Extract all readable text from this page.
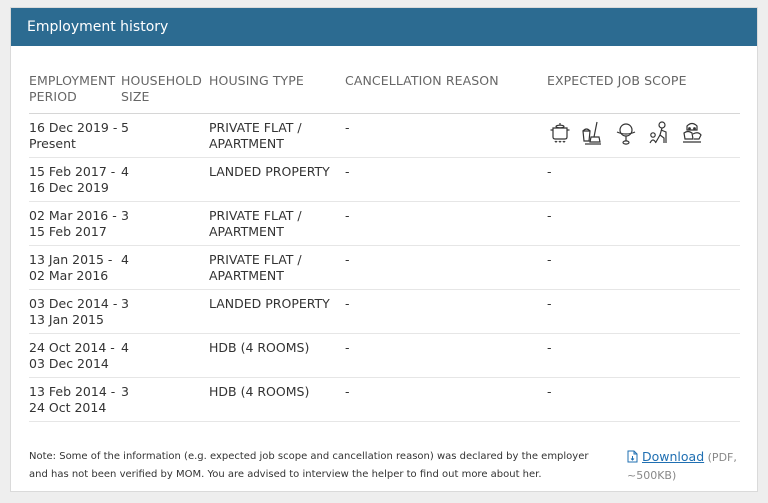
Employment history
EMPLOYMENT PERIOD	HOUSEHOLD SIZE	HOUSING TYPE	CANCELLATION REASON	EXPECTED JOB SCOPE
16 Dec 2019 - Present	5	PRIVATE FLAT / APARTMENT	-	

15 Feb 2017 - 16 Dec 2019	4	LANDED PROPERTY	-	-
02 Mar 2016 - 15 Feb 2017	3	PRIVATE FLAT / APARTMENT	-	-
13 Jan 2015 - 02 Mar 2016	4	PRIVATE FLAT / APARTMENT	-	-
03 Dec 2014 - 13 Jan 2015	3	LANDED PROPERTY	-	-
24 Oct 2014 - 03 Dec 2014	4	HDB (4 ROOMS)	-	-
13 Feb 2014 - 24 Oct 2014	3	HDB (4 ROOMS)	-	-
Note: Some of the information (e.g. expected job scope and cancellation reason) was declared by the employer and has not been verified by MOM. You are advised to interview the helper to find out more about her.
Download (PDF, ~500KB)
